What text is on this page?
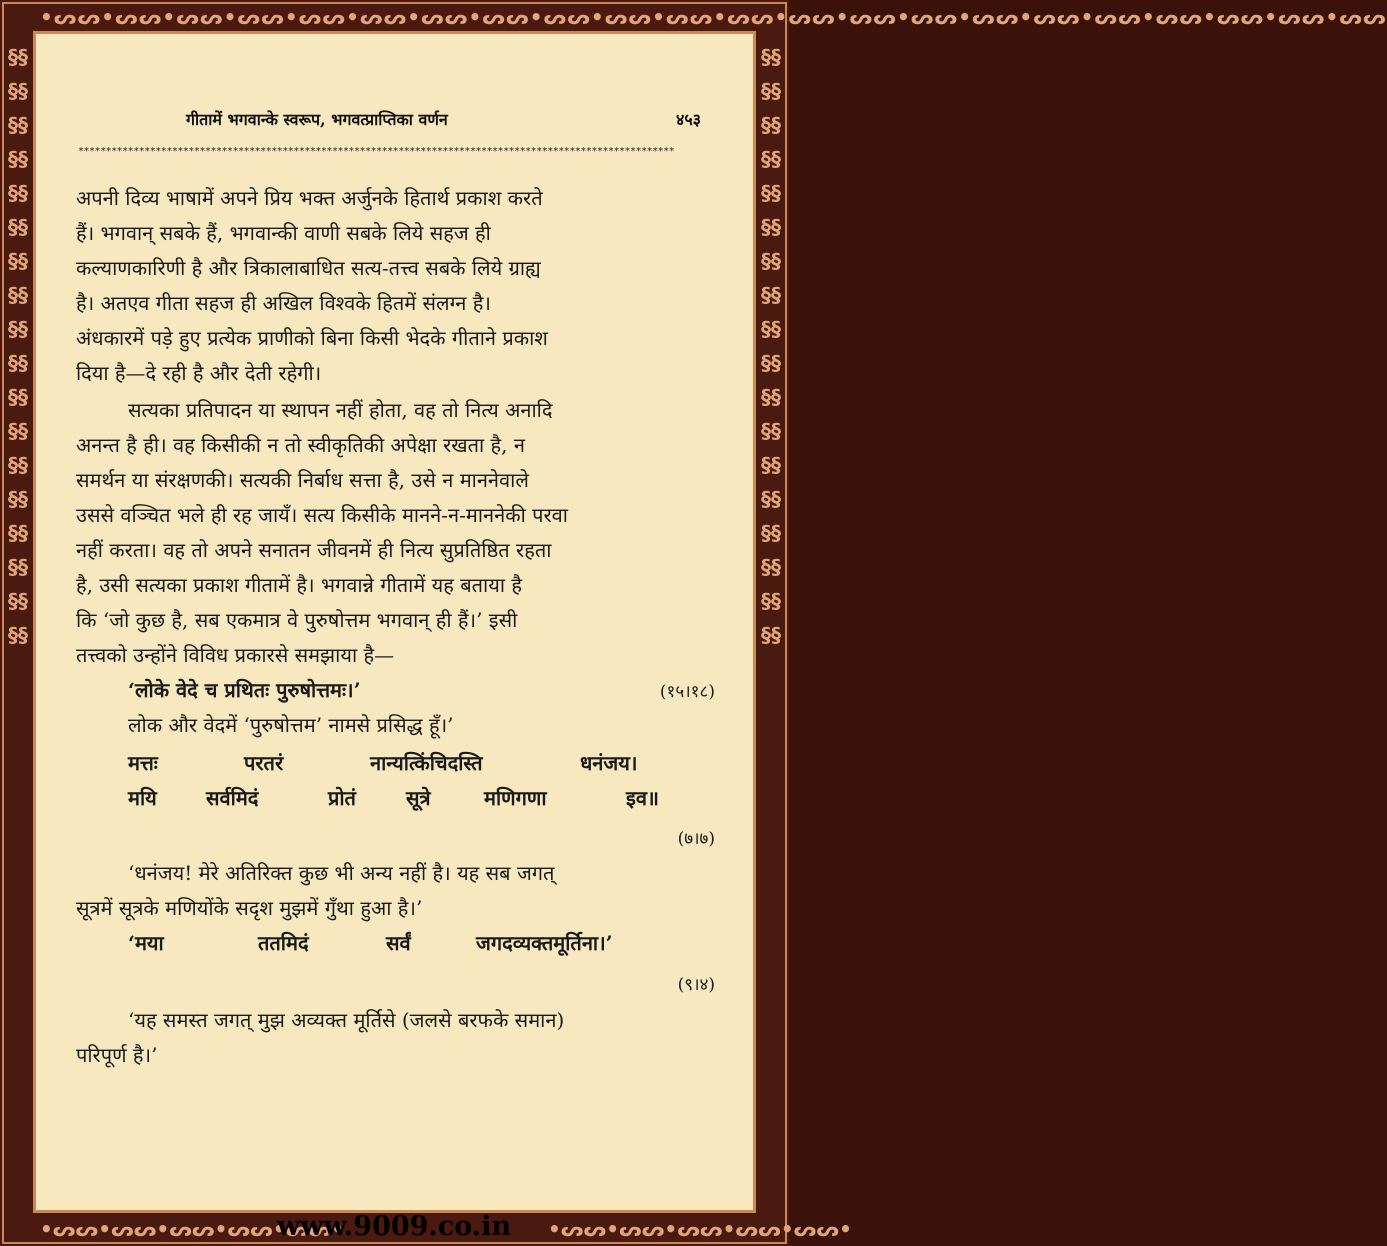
•ᔕᔕ•ᔕᔕ•ᔕᔕ•ᔕᔕ•ᔕᔕ•ᔕᔕ•ᔕᔕ•ᔕᔕ•ᔕᔕ•ᔕᔕ•ᔕᔕ•ᔕᔕ•ᔕᔕ•ᔕᔕ•ᔕᔕ•ᔕᔕ•ᔕᔕ•ᔕᔕ•ᔕᔕ•ᔕᔕ•ᔕᔕ•ᔕᔕ
§§§§§§§§§§§§§§§§§§§§§§§§§§§§§§§§§§§§
§§§§§§§§§§§§§§§§§§§§§§§§§§§§§§§§§§§§
•ᔕᔕ•ᔕᔕ•ᔕᔕ•ᔕᔕ•ᔕᔕ•	•ᔕᔕ•ᔕᔕ•ᔕᔕ•ᔕᔕ•ᔕᔕ•
www.9009.co.in
गीतामें भगवान्के स्वरूप, भगवत्प्राप्तिका वर्णन	४५३
************************************************************************************************************
अपनी दिव्य भाषामें अपने प्रिय भक्त अर्जुनके हितार्थ प्रकाश करते
हैं। भगवान् सबके हैं, भगवान्की वाणी सबके लिये सहज ही
कल्याणकारिणी है और त्रिकालाबाधित सत्य-तत्त्व सबके लिये ग्राह्य
है। अतएव गीता सहज ही अखिल विश्वके हितमें संलग्न है।
अंधकारमें पड़े हुए प्रत्येक प्राणीको बिना किसी भेदके गीताने प्रकाश
दिया है—दे रही है और देती रहेगी।
सत्यका प्रतिपादन या स्थापन नहीं होता, वह तो नित्य अनादि
अनन्त है ही। वह किसीकी न तो स्वीकृतिकी अपेक्षा रखता है, न
समर्थन या संरक्षणकी। सत्यकी निर्बाध सत्ता है, उसे न माननेवाले
उससे वञ्चित भले ही रह जायँ। सत्य किसीके मानने-न-माननेकी परवा
नहीं करता। वह तो अपने सनातन जीवनमें ही नित्य सुप्रतिष्ठित रहता
है, उसी सत्यका प्रकाश गीतामें है। भगवान्ने गीतामें यह बताया है
कि ‘जो कुछ है, सब एकमात्र वे पुरुषोत्तम भगवान् ही हैं।’ इसी
तत्त्वको उन्होंने विविध प्रकारसे समझाया है—
‘लोके वेदे च प्रथितः पुरुषोत्तमः।’	(१५।१८)
लोक और वेदमें ‘पुरुषोत्तम’ नामसे प्रसिद्ध हूँ।’
मत्तः	परतरं	नान्यत्किंचिदस्ति	धनंजय।
मयि सर्वमिदं	प्रोतं	सूत्रे	मणिगणा	इव॥
(७।७)
‘धनंजय! मेरे अतिरिक्त कुछ भी अन्य नहीं है। यह सब जगत्
सूत्रमें सूत्रके मणियोंके सदृश मुझमें गुँथा हुआ है।’
‘मया	ततमिदं	सर्वं	जगदव्यक्तमूर्तिना।’
(९।४)
‘यह समस्त जगत् मुझ अव्यक्त मूर्तिसे (जलसे बरफके समान)
परिपूर्ण है।’
